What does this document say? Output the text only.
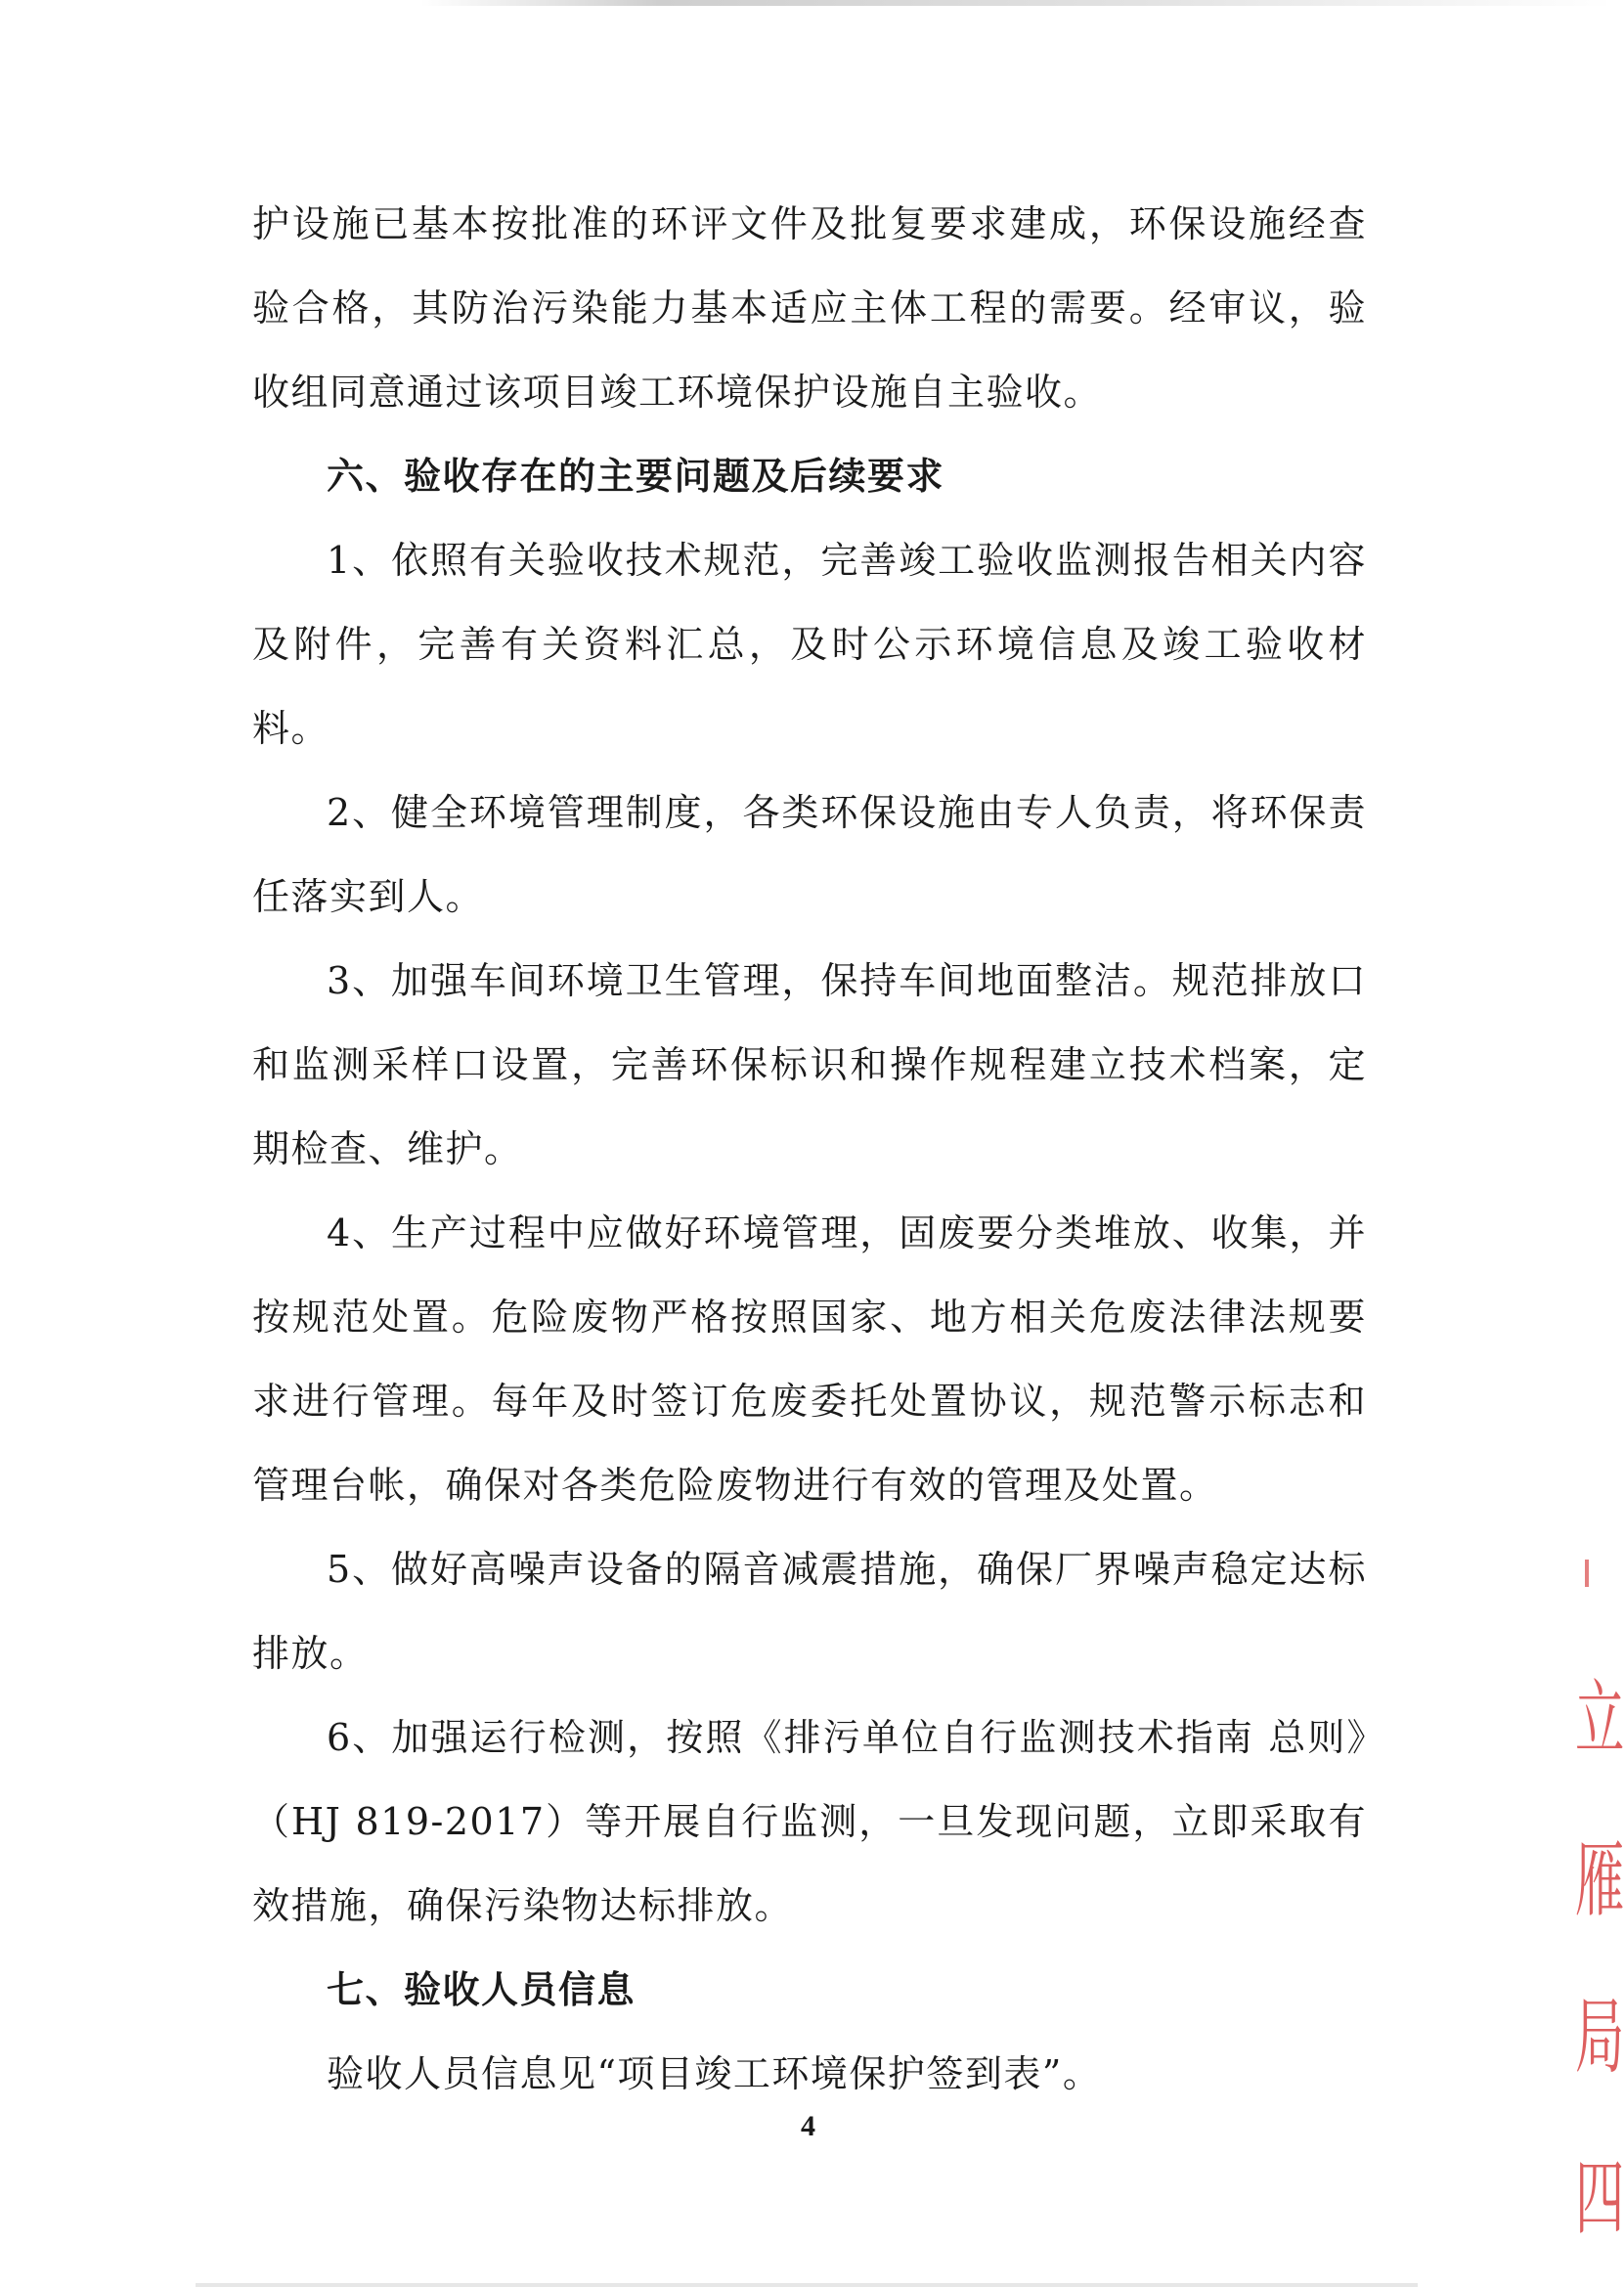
护设施已基本按批准的环评文件及批复要求建成，环保设施经查验合格，其防治污染能力基本适应主体工程的需要。经审议，验收组同意通过该项目竣工环境保护设施自主验收。

六、验收存在的主要问题及后续要求

1、依照有关验收技术规范，完善竣工验收监测报告相关内容及附件，完善有关资料汇总，及时公示环境信息及竣工验收材料。

2、健全环境管理制度，各类环保设施由专人负责，将环保责任落实到人。

3、加强车间环境卫生管理，保持车间地面整洁。规范排放口和监测采样口设置，完善环保标识和操作规程建立技术档案，定期检查、维护。

4、生产过程中应做好环境管理，固废要分类堆放、收集，并按规范处置。危险废物严格按照国家、地方相关危废法律法规要求进行管理。每年及时签订危废委托处置协议，规范警示标志和管理台帐，确保对各类危险废物进行有效的管理及处置。

5、做好高噪声设备的隔音减震措施，确保厂界噪声稳定达标排放。

6、加强运行检测，按照《排污单位自行监测技术指南 总则》（HJ 819-2017）等开展自行监测，一旦发现问题，立即采取有效措施，确保污染物达标排放。

七、验收人员信息

验收人员信息见“项目竣工环境保护签到表”。

4
立
雁
局
四
